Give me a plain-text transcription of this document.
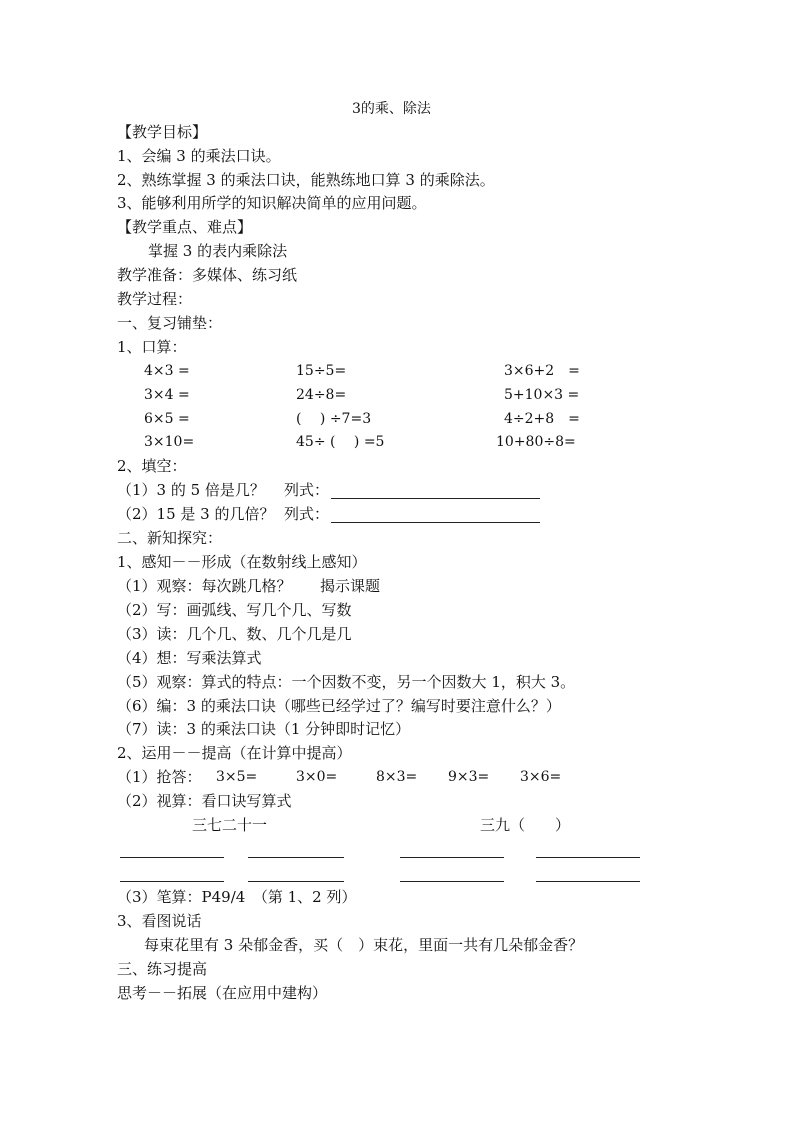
3的乘、除法
【教学目标】
1、会编 3 的乘法口诀。
2、熟练掌握 3 的乘法口诀，能熟练地口算 3 的乘除法。
3、能够利用所学的知识解决简单的应用问题。
【教学重点、难点】
掌握 3 的表内乘除法
教学准备：多媒体、练习纸
教学过程：
一、复习铺垫：
1、口算：
4×3 =	15÷5=	3×6+2　=
3×4 =	24÷8=	5+10×3 =
6×5 =	(　 ) ÷7=3	4÷2+8　=
3×10=	45÷ (　 ) =5	10+80÷8=
2、填空：
（1）3 的 5 倍是几？ 列式：
（2）15 是 3 的几倍？ 列式：
二、新知探究：
1、感知－－形成（在数射线上感知）
（1）观察：每次跳几格？ 揭示课题
（2）写：画弧线、写几个几、写数
（3）读：几个几、数、几个几是几
（4）想：写乘法算式
（5）观察：算式的特点：一个因数不变，另一个因数大 1，积大 3。
（6）编：3 的乘法口诀（哪些已经学过了？编写时要注意什么？）
（7）读：3 的乘法口诀（1 分钟即时记忆）
2、运用－－提高（在计算中提高）
（1）抢答： 3×5=	3×0=	8×3= 9×3= 3×6=
（2）视算：看口诀写算式
三七二十一	三九（　　）
（3）笔算：P49/4　（第 1、2 列）
3、看图说话
每束花里有 3 朵郁金香，买（　）束花，里面一共有几朵郁金香？
三、练习提高
思考－－拓展（在应用中建构）
